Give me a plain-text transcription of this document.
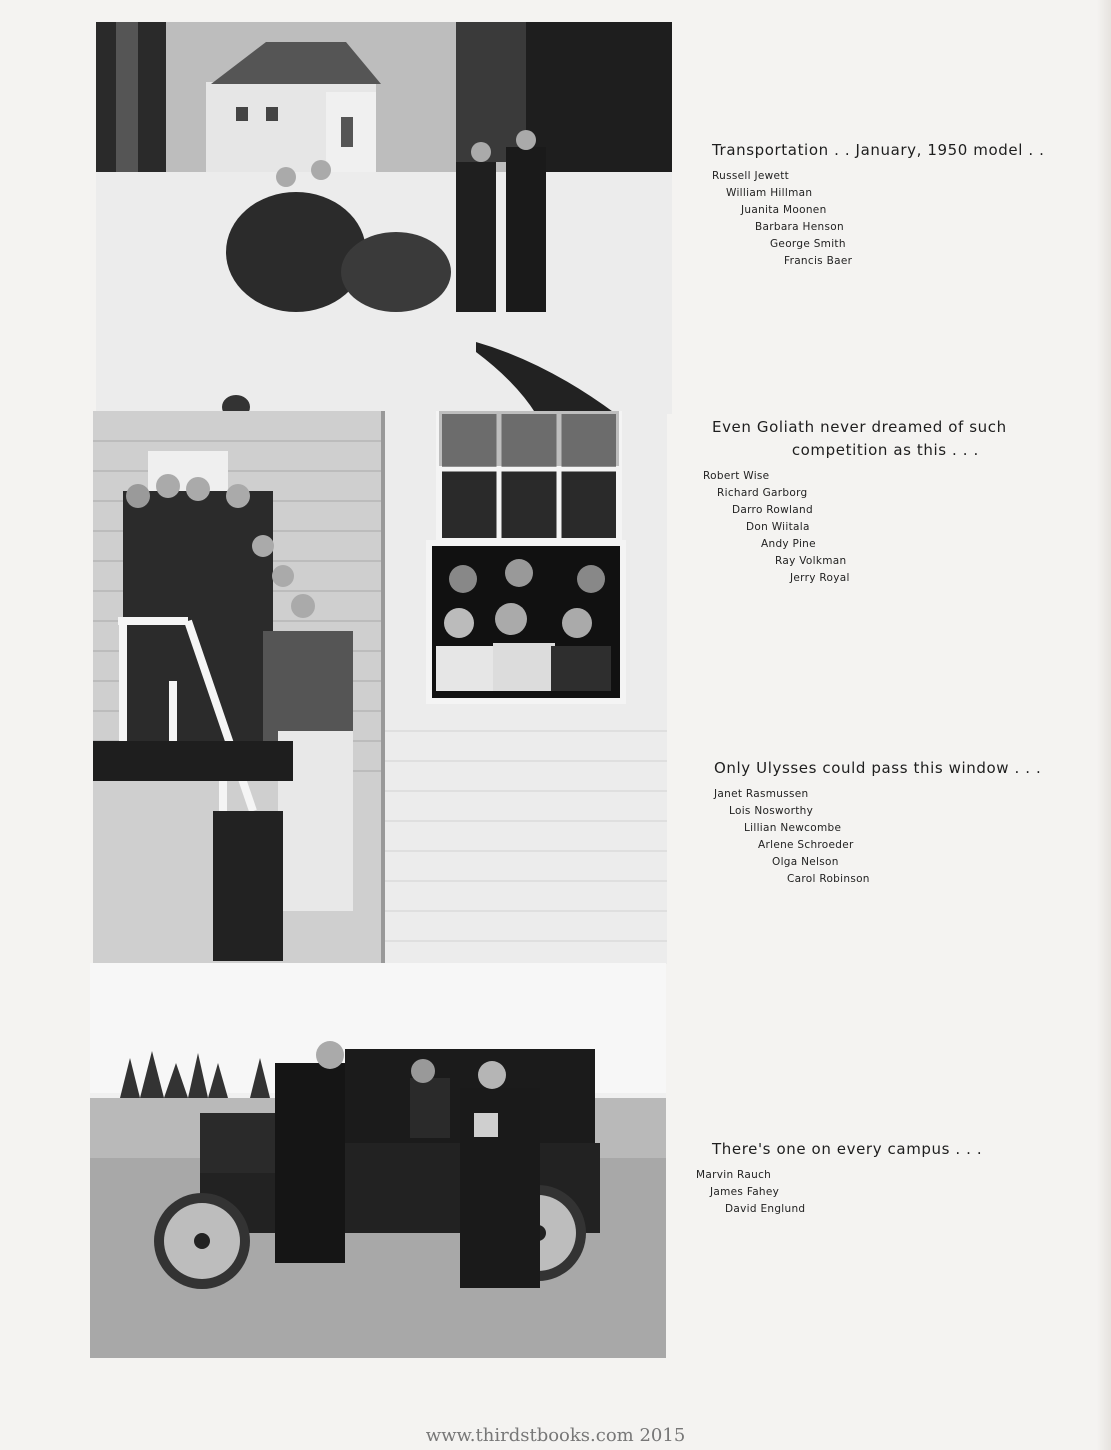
Transportation . . January, 1950 model . .
Russell Jewett
William Hillman
Juanita Moonen
Barbara Henson
George Smith
Francis Baer
Even Goliath never dreamed of such
competition as this . . .
Robert Wise
Richard Garborg
Darro Rowland
Don Wiitala
Andy Pine
Ray Volkman
Jerry Royal
Only Ulysses could pass this window . . .
Janet Rasmussen
Lois Nosworthy
Lillian Newcombe
Arlene Schroeder
Olga Nelson
Carol Robinson
There's one on every campus . . .
Marvin Rauch
James Fahey
David Englund
www.thirdstbooks.com 2015
